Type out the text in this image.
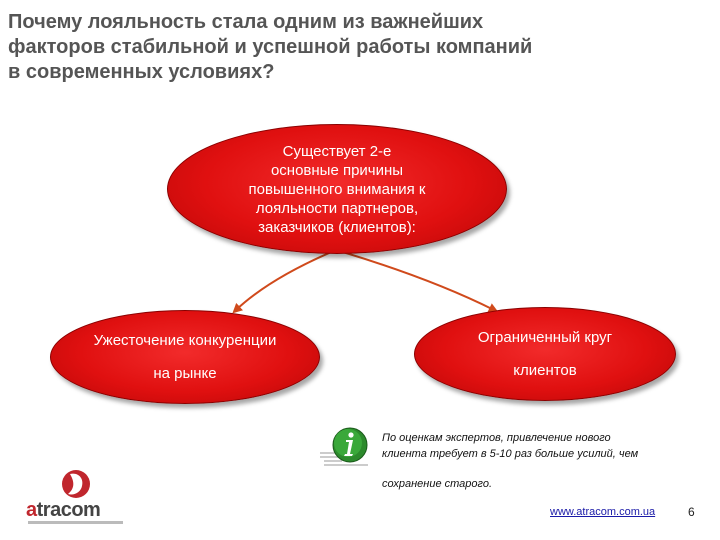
Почему лояльность стала одним из важнейших
факторов стабильной и успешной работы компаний
в современных условиях?
Существует 2-е
основные причины
повышенного внимания к
лояльности партнеров,
заказчиков (клиентов):
Ужесточение конкуренции
на рынке
Ограниченный круг
клиентов
По оценкам экспертов, привлечение нового
клиента требует в 5-10 раз больше усилий, чем
сохранение старого.
atracom	www.atracom.com.ua	6
